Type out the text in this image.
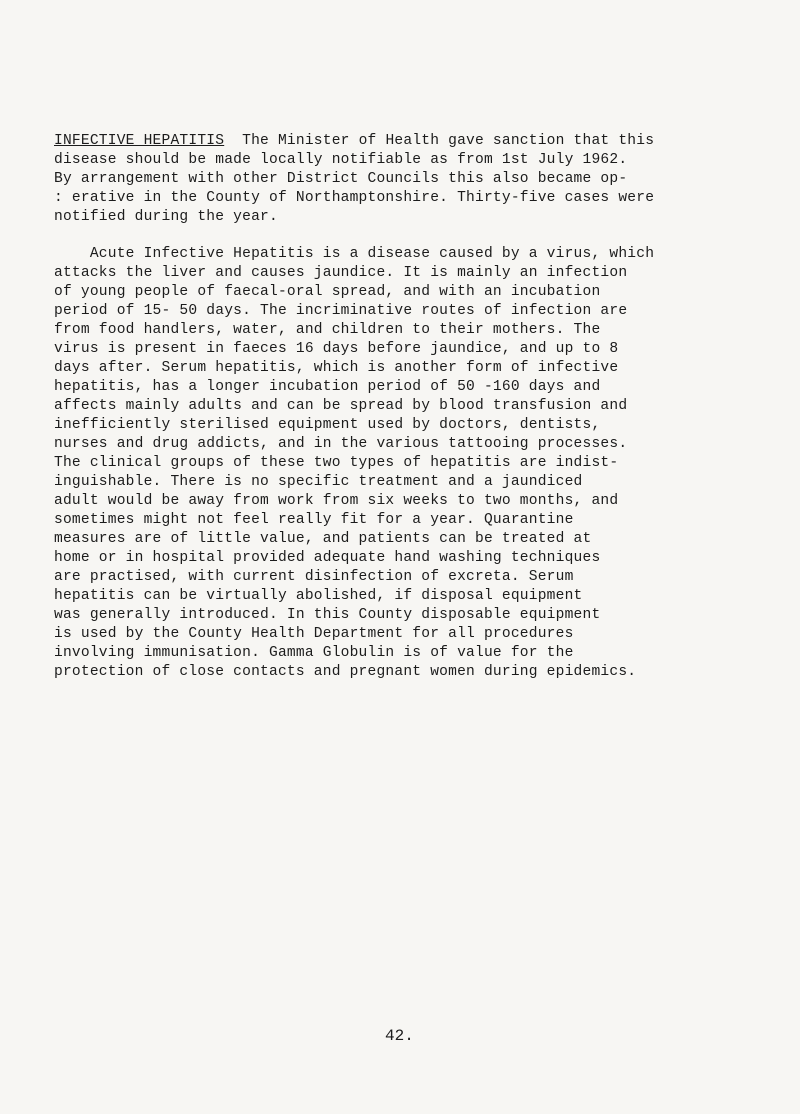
INFECTIVE HEPATITIS  The Minister of Health gave sanction that this
disease should be made locally notifiable as from 1st July 1962.
By arrangement with other District Councils this also became op-
: erative in the County of Northamptonshire. Thirty-five cases were
notified during the year.
Acute Infective Hepatitis is a disease caused by a virus, which
attacks the liver and causes jaundice. It is mainly an infection
of young people of faecal-oral spread, and with an incubation
period of 15- 50 days. The incriminative routes of infection are
from food handlers, water, and children to their mothers. The
virus is present in faeces 16 days before jaundice, and up to 8
days after. Serum hepatitis, which is another form of infective
hepatitis, has a longer incubation period of 50 -160 days and
affects mainly adults and can be spread by blood transfusion and
inefficiently sterilised equipment used by doctors, dentists,
nurses and drug addicts, and in the various tattooing processes.
The clinical groups of these two types of hepatitis are indist-
inguishable. There is no specific treatment and a jaundiced
adult would be away from work from six weeks to two months, and
sometimes might not feel really fit for a year. Quarantine
measures are of little value, and patients can be treated at
home or in hospital provided adequate hand washing techniques
are practised, with current disinfection of excreta. Serum
hepatitis can be virtually abolished, if disposal equipment
was generally introduced. In this County disposable equipment
is used by the County Health Department for all procedures
involving immunisation. Gamma Globulin is of value for the
protection of close contacts and pregnant women during epidemics.
42.
